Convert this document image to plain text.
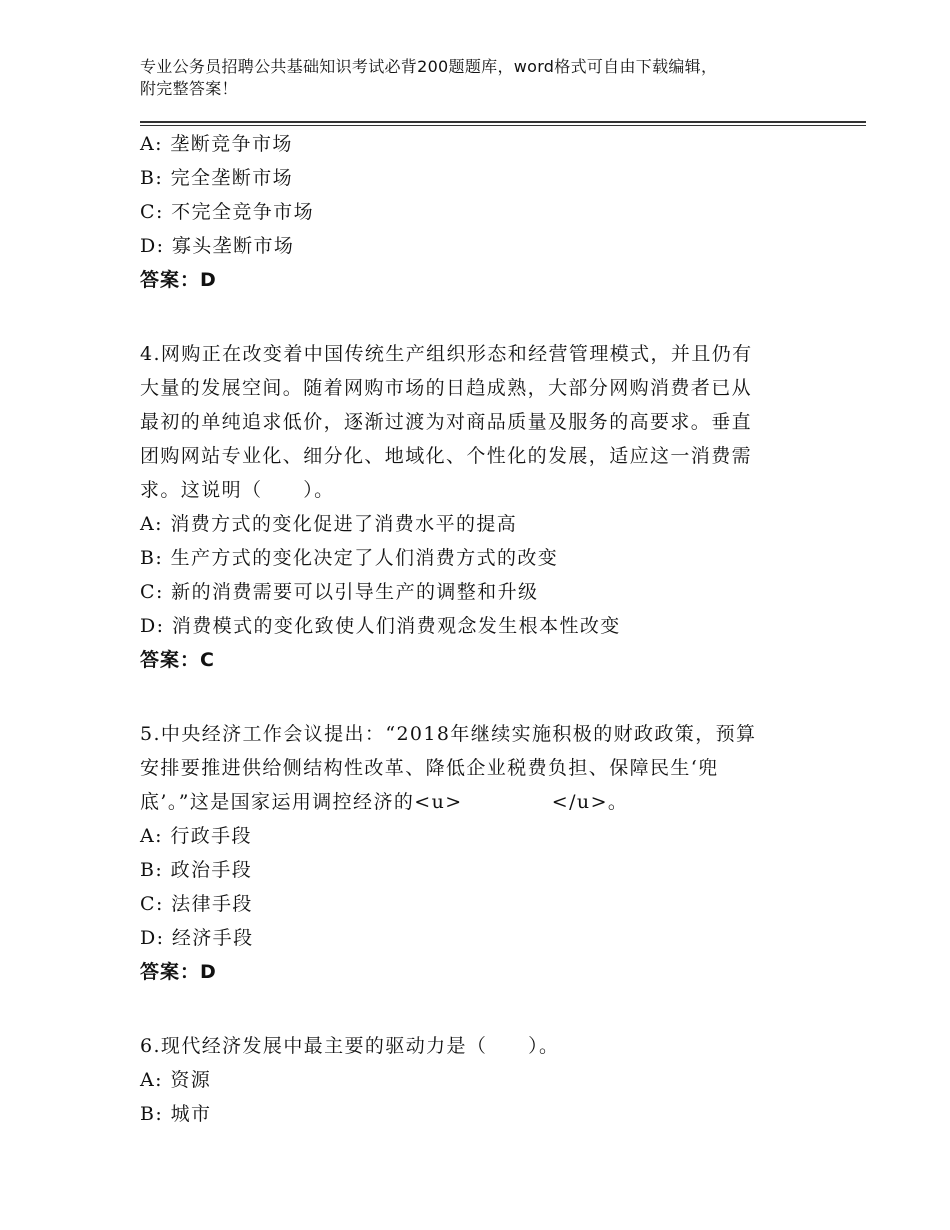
专业公务员招聘公共基础知识考试必背200题题库，word格式可自由下载编辑，
附完整答案！
A: 垄断竞争市场
B: 完全垄断市场
C: 不完全竞争市场
D: 寡头垄断市场
答案：D
4.网购正在改变着中国传统生产组织形态和经营管理模式，并且仍有
大量的发展空间。随着网购市场的日趋成熟，大部分网购消费者已从
最初的单纯追求低价，逐渐过渡为对商品质量及服务的高要求。垂直
团购网站专业化、细分化、地域化、个性化的发展，适应这一消费需
求。这说明（　　）。
A: 消费方式的变化促进了消费水平的提高
B: 生产方式的变化决定了人们消费方式的改变
C: 新的消费需要可以引导生产的调整和升级
D: 消费模式的变化致使人们消费观念发生根本性改变
答案：C
5.中央经济工作会议提出：“2018年继续实施积极的财政政策，预算
安排要推进供给侧结构性改革、降低企业税费负担、保障民生‘兜
底’。”这是国家运用调控经济的<u>            </u>。
A: 行政手段
B: 政治手段
C: 法律手段
D: 经济手段
答案：D
6.现代经济发展中最主要的驱动力是（　　）。
A: 资源
B: 城市
